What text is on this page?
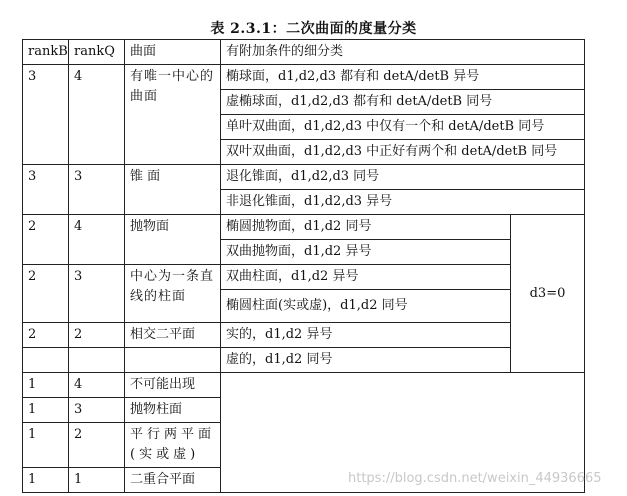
表 2.3.1：二次曲面的度量分类
rankB	rankQ	曲面	有附加条件的细分类	
3	4	有唯一中心的曲面	椭球面，d1,d2,d3 都有和 detA/detB 异号	
			虚椭球面，d1,d2,d3 都有和 detA/detB 同号	
			单叶双曲面，d1,d2,d3 中仅有一个和 detA/detB 同号	
			双叶双曲面，d1,d2,d3 中正好有两个和 detA/detB 同号	
3	3	锥 面	退化锥面，d1,d2,d3 同号	
			非退化锥面，d1,d2,d3 异号	
2	4	抛物面	椭圆抛物面，d1,d2 同号	d3=0
			双曲抛物面，d1,d2 异号	
2	3	中心为一条直线的柱面	双曲柱面，d1,d2 异号	
			椭圆柱面(实或虚)，d1,d2 同号	
2	2	相交二平面	实的，d1,d2 异号	
			虚的，d1,d2 同号	
1	4	不可能出现		
1	3	抛物柱面		
1	2	平行两平面(实或虚)		
1	1	二重合平面			https://blog.csdn.net/weixin_44936665
